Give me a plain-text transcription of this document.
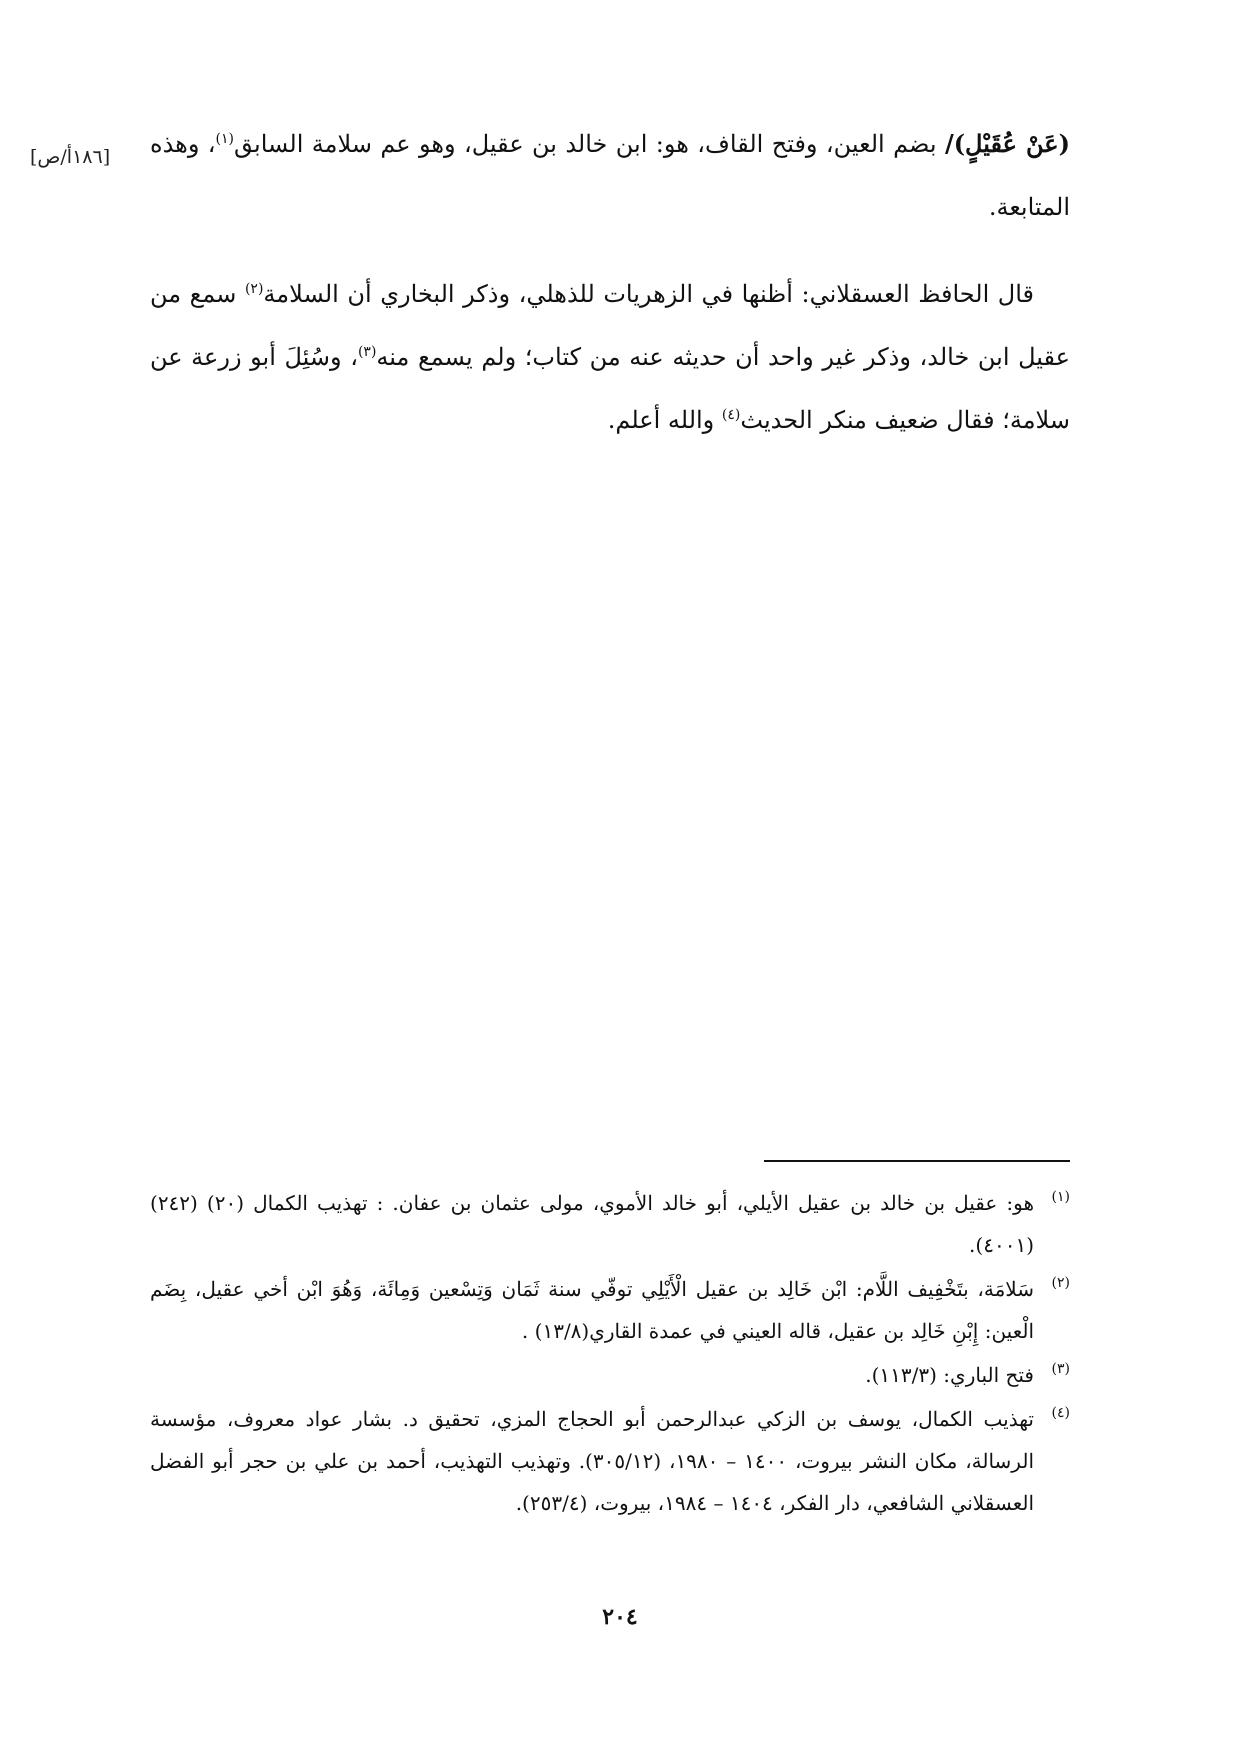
[١٨٦أ/ص]	(عَنْ عُقَيْلٍ)/ بضم العين، وفتح القاف، هو: ابن خالد بن عقيل، وهو عم سلامة السابق$^{(١)}$، وهذه المتابعة.

قال الحافظ العسقلاني: أظنها في الزهريات للذهلي، وذكر البخاري أن السلامة$^{(٢)}$ سمع من عقيل ابن خالد، وذكر غير واحد أن حديثه عنه من كتاب؛ ولم يسمع منه$^{(٣)}$، وسُئِلَ أبو زرعة عن سلامة؛ فقال ضعيف منكر الحديث$^{(٤)}$ والله أعلم.

(١)
هو: عقيل بن خالد بن عقيل الأيلي، أبو خالد الأموي، مولى عثمان بن عفان. : تهذيب الكمال (٢٠) (٢٤٢) (٤٠٠١).
(٢)
سَلامَة، بتَخْفِيف اللَّام: ابْن خَالِد بن عقيل الْأَيْلِي توفّي سنة ثَمَان وَتِسْعين وَمِائَة، وَهُوَ ابْن أخي عقيل، بِضَم الْعين: إِبْنِ خَالِد بن عقيل، قاله العيني في عمدة القاري(١٣/٨) .
(٣)
فتح الباري: (١١٣/٣).
(٤)
تهذيب الكمال، يوسف بن الزكي عبدالرحمن أبو الحجاج المزي، تحقيق د. بشار عواد معروف، مؤسسة الرسالة، مكان النشر بيروت، ١٤٠٠ – ١٩٨٠، (٣٠٥/١٢). وتهذيب التهذيب، أحمد بن علي بن حجر أبو الفضل العسقلاني الشافعي، دار الفكر، ١٤٠٤ – ١٩٨٤، بيروت، (٢٥٣/٤).
٢٠٤
